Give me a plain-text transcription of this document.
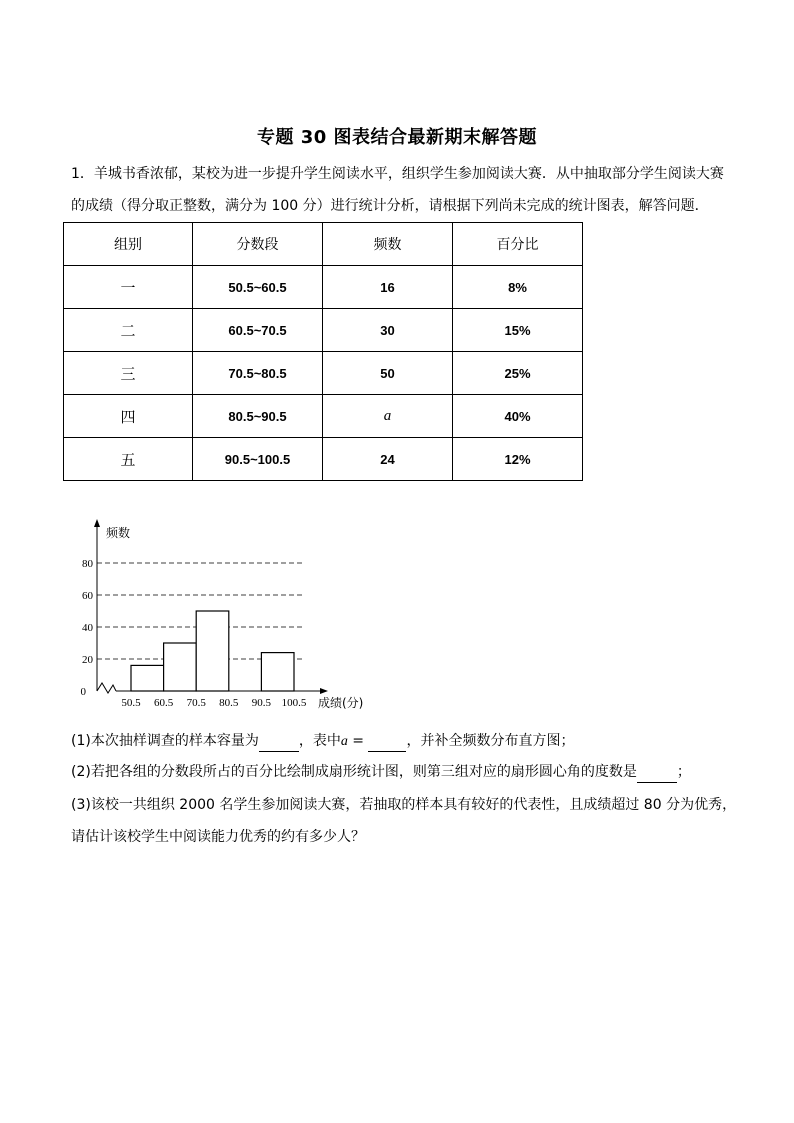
专题 30 图表结合最新期末解答题
1．羊城书香浓郁，某校为进一步提升学生阅读水平，组织学生参加阅读大赛．从中抽取部分学生阅读大赛
的成绩（得分取正整数，满分为 100 分）进行统计分析，请根据下列尚未完成的统计图表，解答问题．
组别	分数段	频数	百分比
一	50.5~60.5	16	8%
二	60.5~70.5	30	15%
三	70.5~80.5	50	25%
四	80.5~90.5	a	40%
五	90.5~100.5	24	12%
0
20
40
60
80
50.5 60.5 70.5 80.5 90.5 100.5
频数
成绩(分)
(1)本次抽样调查的样本容量为	，表中a =	，并补全频数分布直方图；
(2)若把各组的分数段所占的百分比绘制成扇形统计图，则第三组对应的扇形圆心角的度数是	；
(3)该校一共组织 2000 名学生参加阅读大赛，若抽取的样本具有较好的代表性，且成绩超过 80 分为优秀，
请估计该校学生中阅读能力优秀的约有多少人？
